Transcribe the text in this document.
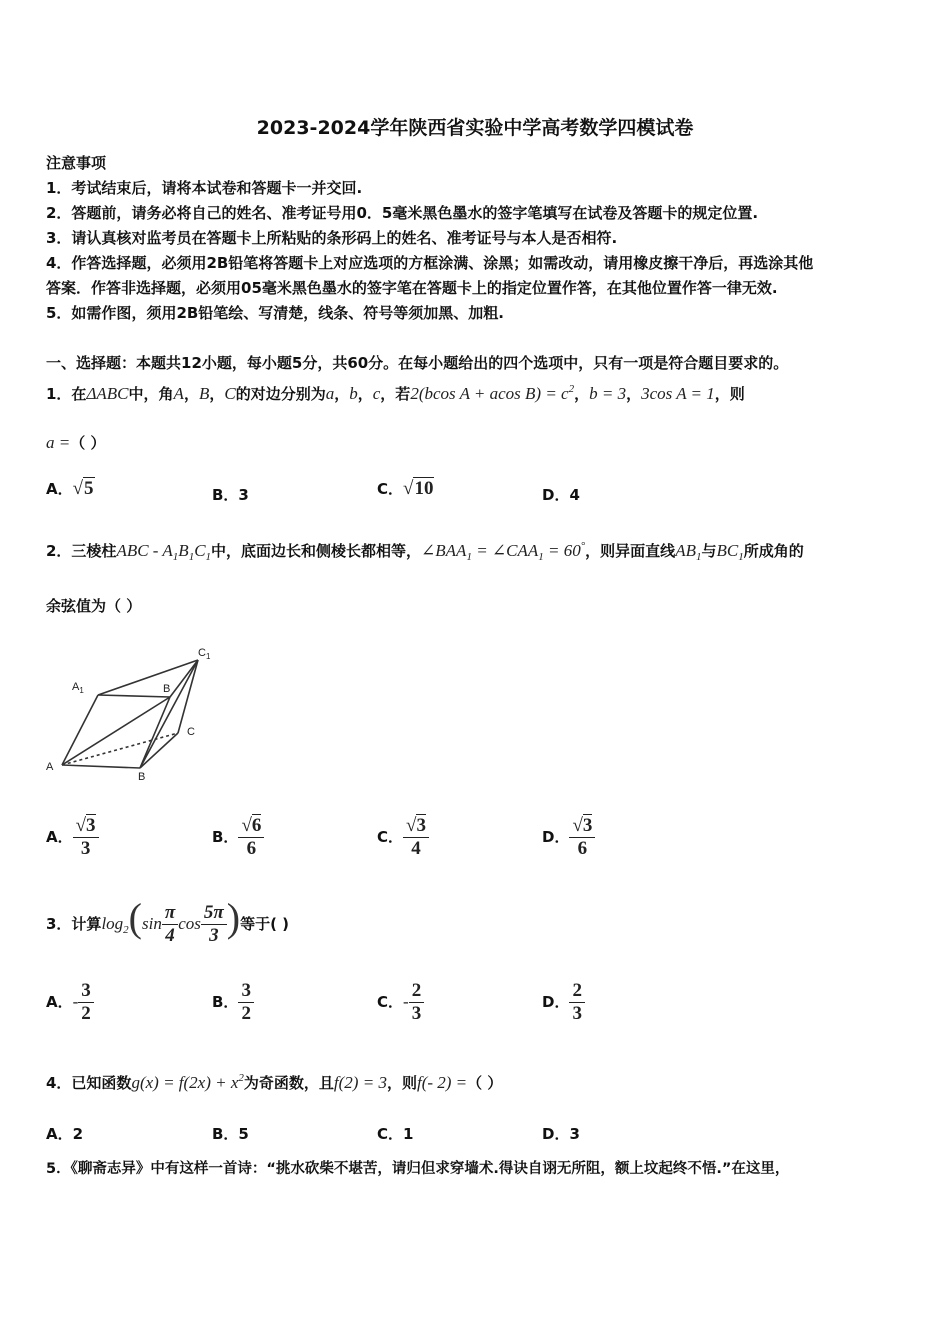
2023-2024学年陕西省实验中学高考数学四模试卷
注意事项
1．考试结束后，请将本试卷和答题卡一并交回.
2．答题前，请务必将自己的姓名、准考证号用0．5毫米黑色墨水的签字笔填写在试卷及答题卡的规定位置.
3．请认真核对监考员在答题卡上所粘贴的条形码上的姓名、准考证号与本人是否相符.
4．作答选择题，必须用2B铅笔将答题卡上对应选项的方框涂满、涂黑；如需改动，请用橡皮擦干净后，再选涂其他
答案．作答非选择题，必须用05毫米黑色墨水的签字笔在答题卡上的指定位置作答，在其他位置作答一律无效.
5．如需作图，须用2B铅笔绘、写清楚，线条、符号等须加黑、加粗.
一、选择题：本题共12小题，每小题5分，共60分。在每小题给出的四个选项中，只有一项是符合题目要求的。
1．在ΔABC中，角A，B，C的对边分别为a，b，c，若2(bcos A + acos $B) = c^2$，b = 3，3cos A = 1，则
a =（ ）
A．√5	B．3	C．√10	D．4
2．三棱柱ABC - $A_1B_1C_1$中，底面边长和侧棱长都相等，$\angle BAA_1$ = $\angle CAA_1 = 60^\circ$，则异面直线$AB_1$与$BC_1$所成角的
余弦值为（ ）
$C_1$
$A_1$	B
C
A
B
A． $\frac{√3}{3}$	B． $\frac{√6}{6}$	C． $\frac{√3}{4}$	D． $\frac{√3}{6}$
3．计算$\log_2(\sin \frac{\pi}{4}$ $\cos \frac{5\pi}{3}$ )等于( )
A．- $\frac{3}{2}$	B． $\frac{3}{2}$	C．- $\frac{2}{3}$	D． $\frac{2}{3}$
4．已知函数$g(x) = f(2x) + x^2$为奇函数，且f(2) = 3，则f(- 2) =（ ）
A．2	B．5	C．1	D．3
5．《聊斋志异》中有这样一首诗：“挑水砍柴不堪苦，请归但求穿墙术.得诀自诩无所阻，额上坟起终不悟.”在这里，
